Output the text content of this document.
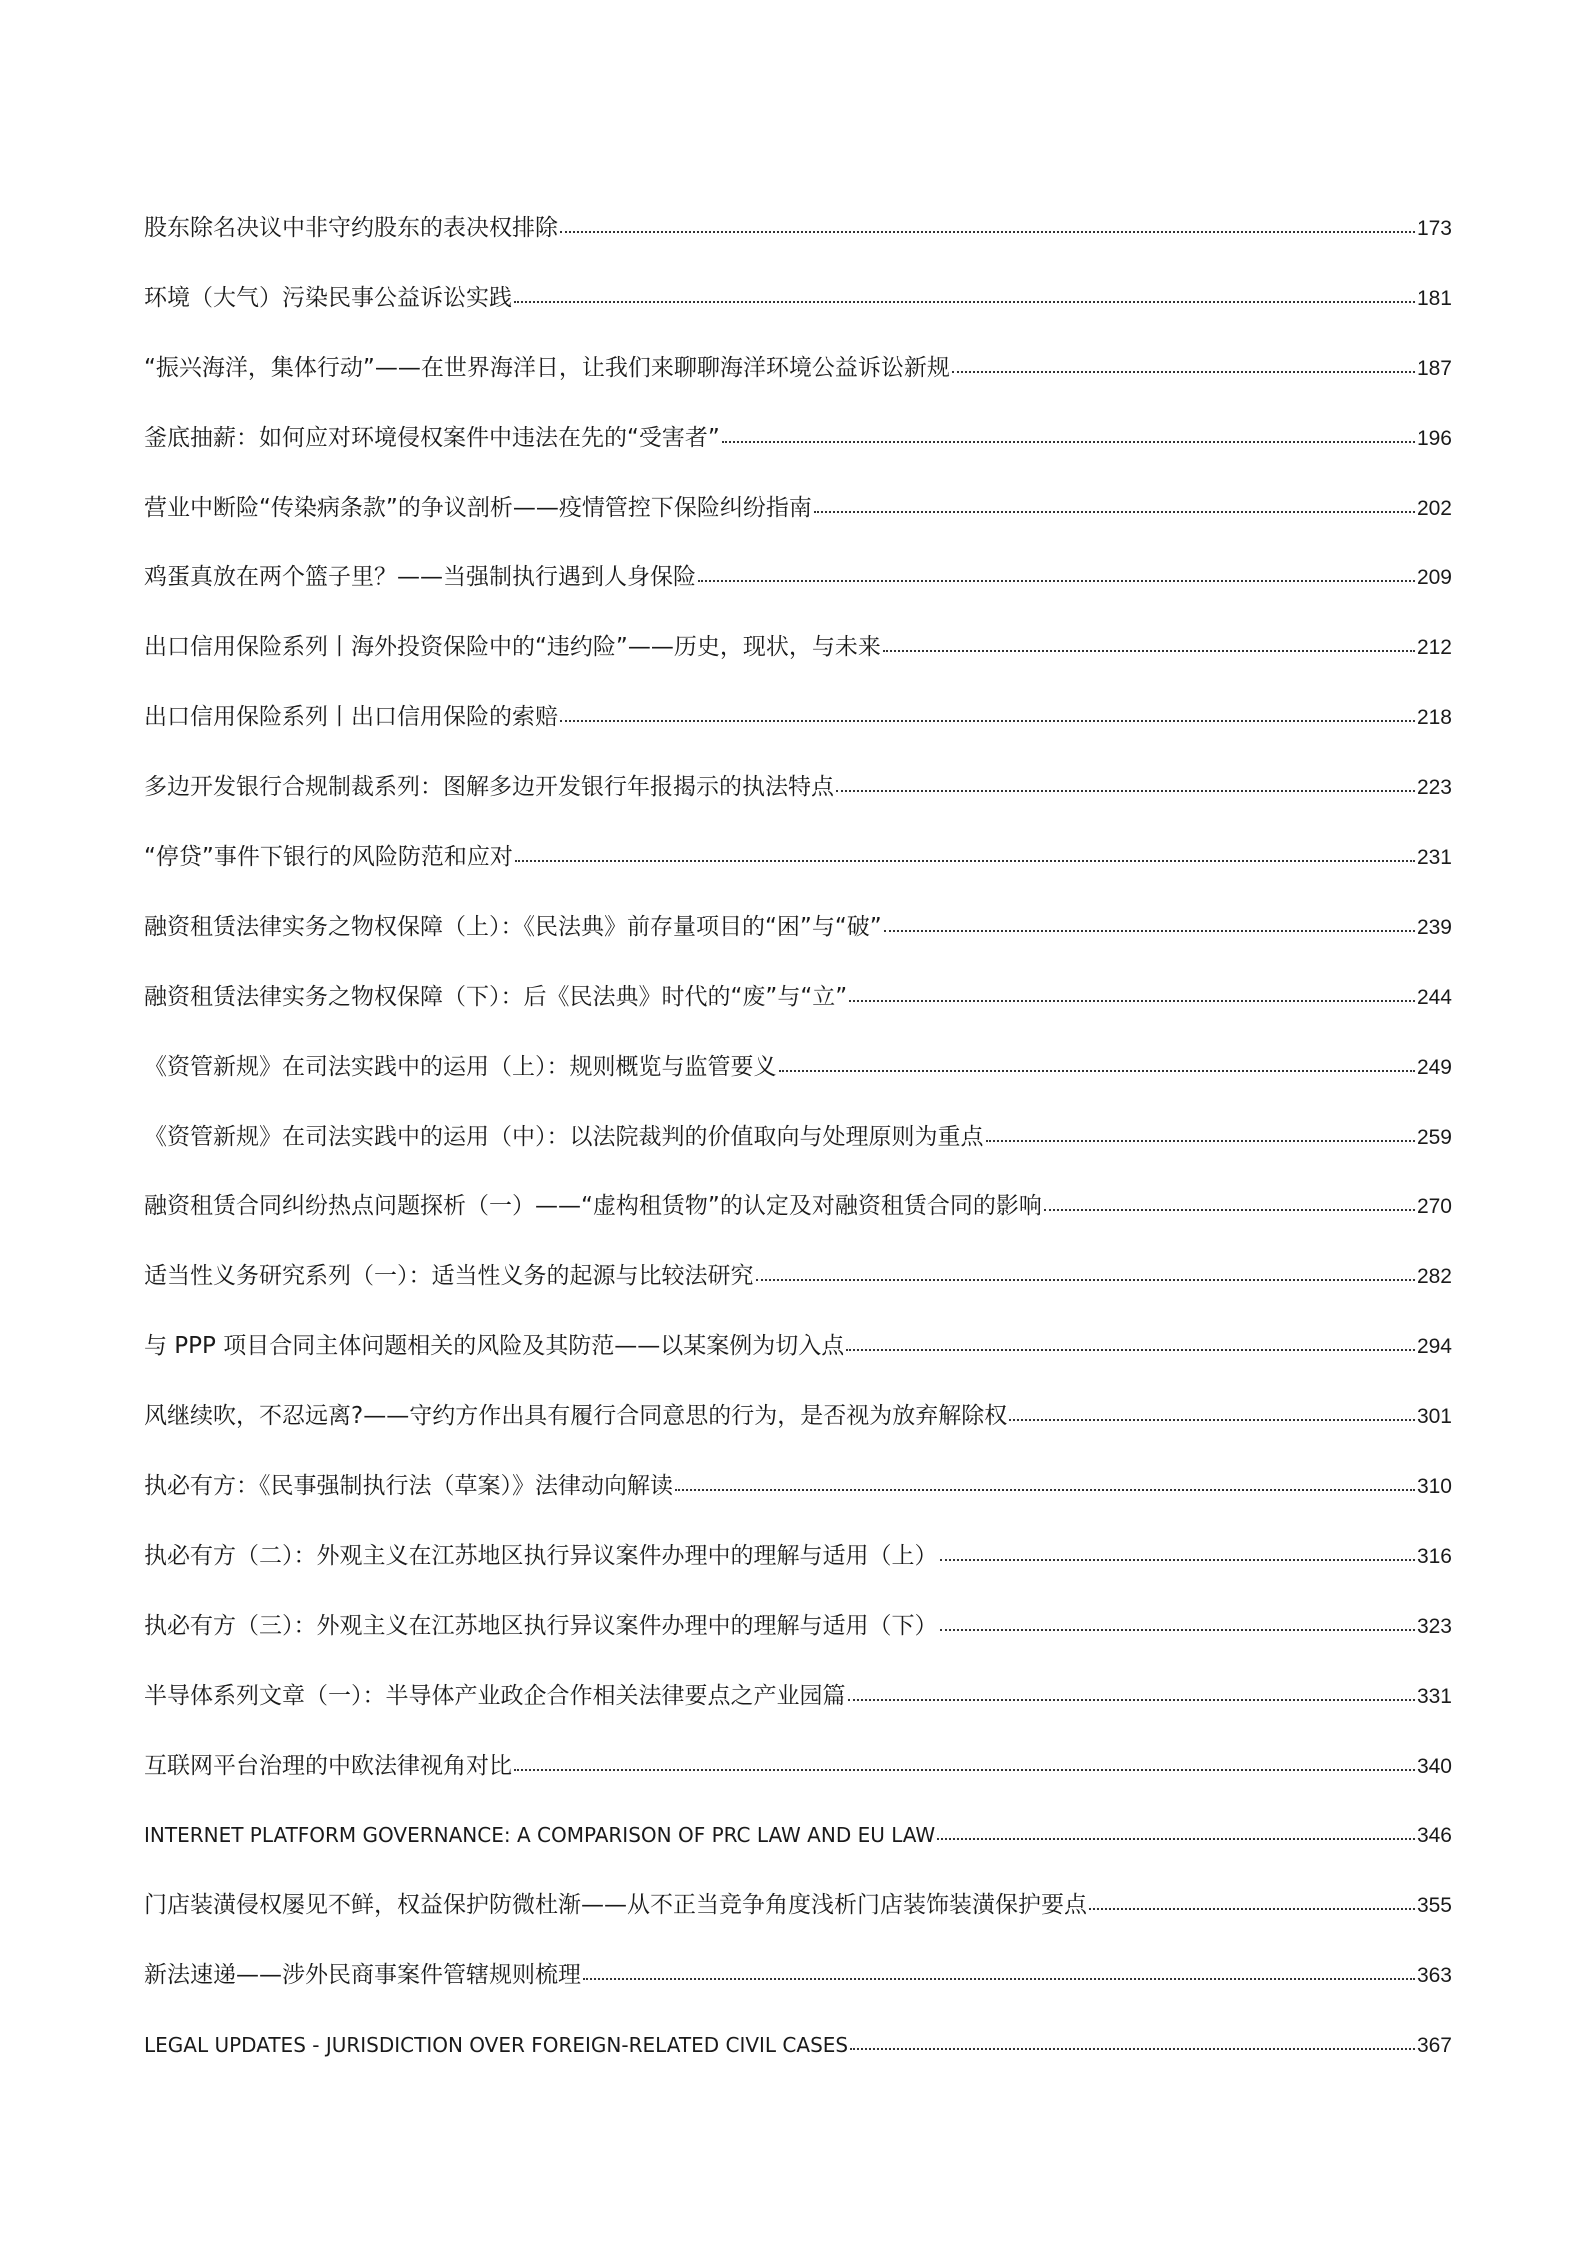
股东除名决议中非守约股东的表决权排除	173
环境（大气）污染民事公益诉讼实践	181
“振兴海洋，集体行动”——在世界海洋日，让我们来聊聊海洋环境公益诉讼新规	187
釜底抽薪：如何应对环境侵权案件中违法在先的“受害者”	196
营业中断险“传染病条款”的争议剖析——疫情管控下保险纠纷指南	202
鸡蛋真放在两个篮子里？——当强制执行遇到人身保险	209
出口信用保险系列丨海外投资保险中的“违约险”——历史，现状，与未来	212
出口信用保险系列丨出口信用保险的索赔	218
多边开发银行合规制裁系列：图解多边开发银行年报揭示的执法特点	223
“停贷”事件下银行的风险防范和应对	231
融资租赁法律实务之物权保障（上）：《民法典》前存量项目的“困”与“破”	239
融资租赁法律实务之物权保障（下）：后《民法典》时代的“废”与“立”	244
《资管新规》在司法实践中的运用（上）：规则概览与监管要义	249
《资管新规》在司法实践中的运用（中）：以法院裁判的价值取向与处理原则为重点	259
融资租赁合同纠纷热点问题探析（一）——“虚构租赁物”的认定及对融资租赁合同的影响	270
适当性义务研究系列（一）：适当性义务的起源与比较法研究	282
与 PPP 项目合同主体问题相关的风险及其防范——以某案例为切入点	294
风继续吹，不忍远离?——守约方作出具有履行合同意思的行为，是否视为放弃解除权	301
执必有方：《民事强制执行法（草案）》法律动向解读	310
执必有方（二）：外观主义在江苏地区执行异议案件办理中的理解与适用（上）	316
执必有方（三）：外观主义在江苏地区执行异议案件办理中的理解与适用（下）	323
半导体系列文章（一）：半导体产业政企合作相关法律要点之产业园篇	331
互联网平台治理的中欧法律视角对比	340
INTERNET PLATFORM GOVERNANCE: A COMPARISON OF PRC LAW AND EU LAW	346
门店装潢侵权屡见不鲜，权益保护防微杜渐——从不正当竞争角度浅析门店装饰装潢保护要点	355
新法速递——涉外民商事案件管辖规则梳理	363
LEGAL UPDATES - JURISDICTION OVER FOREIGN-RELATED CIVIL CASES	367
